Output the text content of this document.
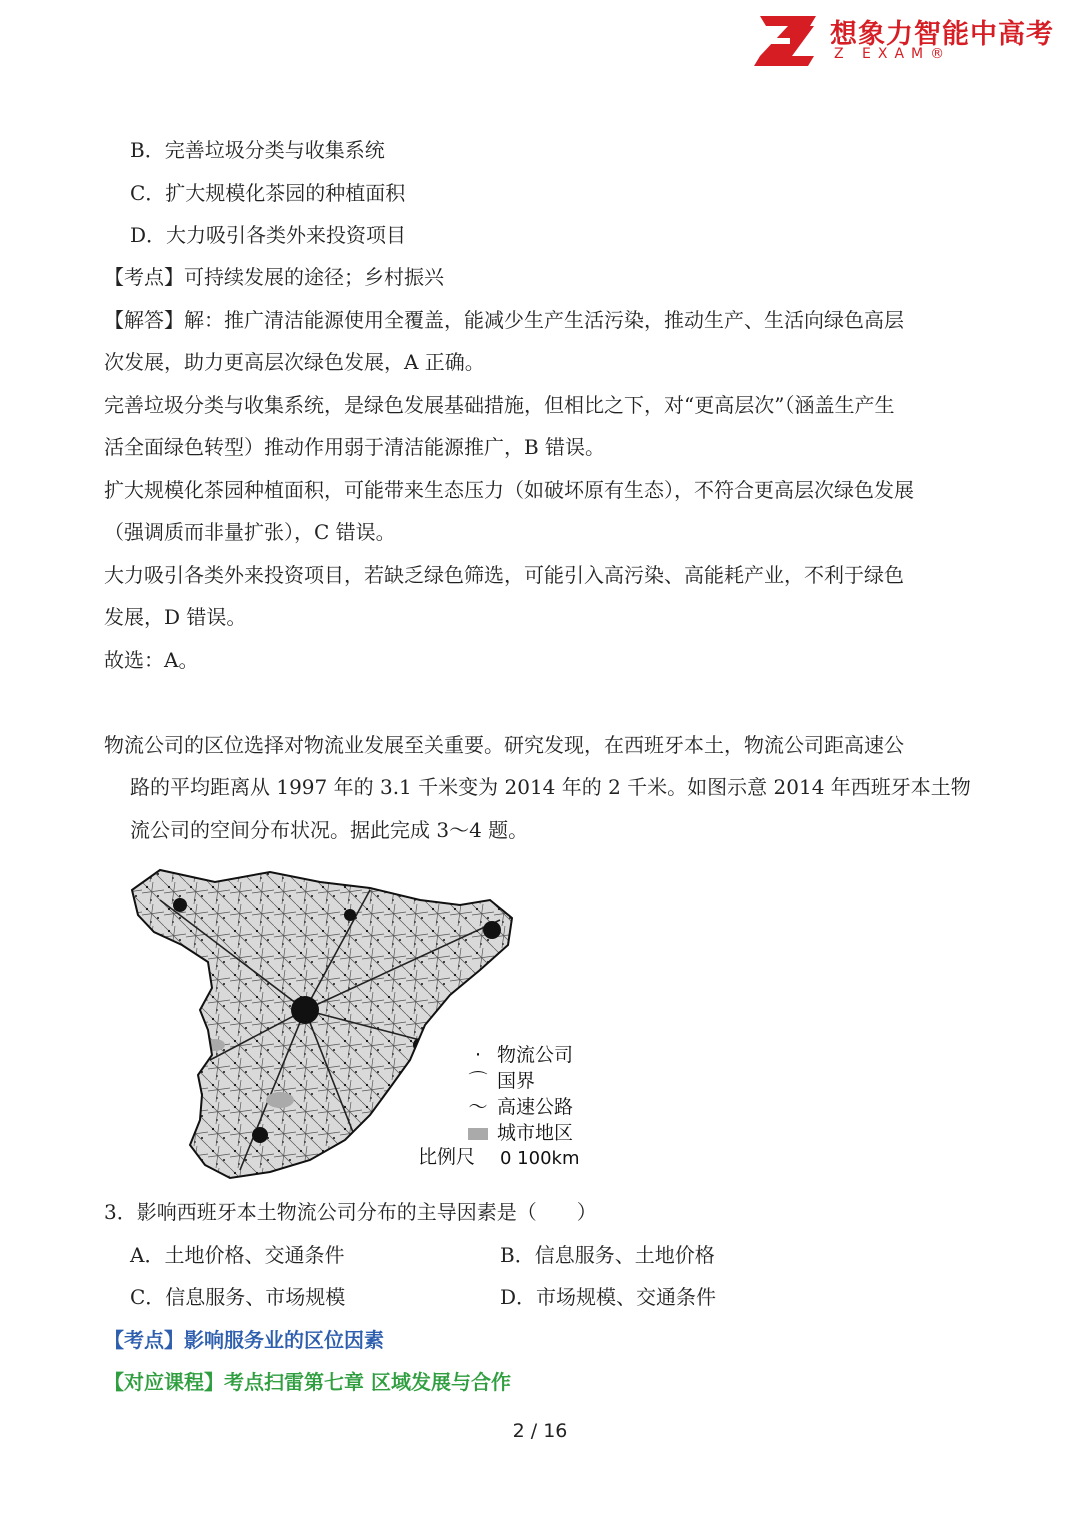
想象力智能中高考
Z EXAM®
B．完善垃圾分类与收集系统
C．扩大规模化茶园的种植面积
D．大力吸引各类外来投资项目
【考点】可持续发展的途径；乡村振兴
【解答】解：推广清洁能源使用全覆盖，能减少生产生活污染，推动生产、生活向绿色高层
次发展，助力更高层次绿色发展，A 正确。
完善垃圾分类与收集系统，是绿色发展基础措施，但相比之下，对“更高层次”（涵盖生产生
活全面绿色转型）推动作用弱于清洁能源推广，B 错误。
扩大规模化茶园种植面积，可能带来生态压力（如破坏原有生态），不符合更高层次绿色发展
（强调质而非量扩张），C 错误。
大力吸引各类外来投资项目，若缺乏绿色筛选，可能引入高污染、高能耗产业，不利于绿色
发展，D 错误。
故选：A。
物流公司的区位选择对物流业发展至关重要。研究发现，在西班牙本土，物流公司距高速公
路的平均距离从 1997 年的 3.1 千米变为 2014 年的 2 千米。如图示意 2014 年西班牙本土物
流公司的空间分布状况。据此完成 3～4 题。
· 物流公司
⌒ 国界
～ 高速公路
城市地区
比例尺 0 100km
3．影响西班牙本土物流公司分布的主导因素是（　　）
A．土地价格、交通条件	B．信息服务、土地价格
C．信息服务、市场规模	D．市场规模、交通条件
【考点】影响服务业的区位因素
【对应课程】考点扫雷第七章 区域发展与合作
2 / 16
